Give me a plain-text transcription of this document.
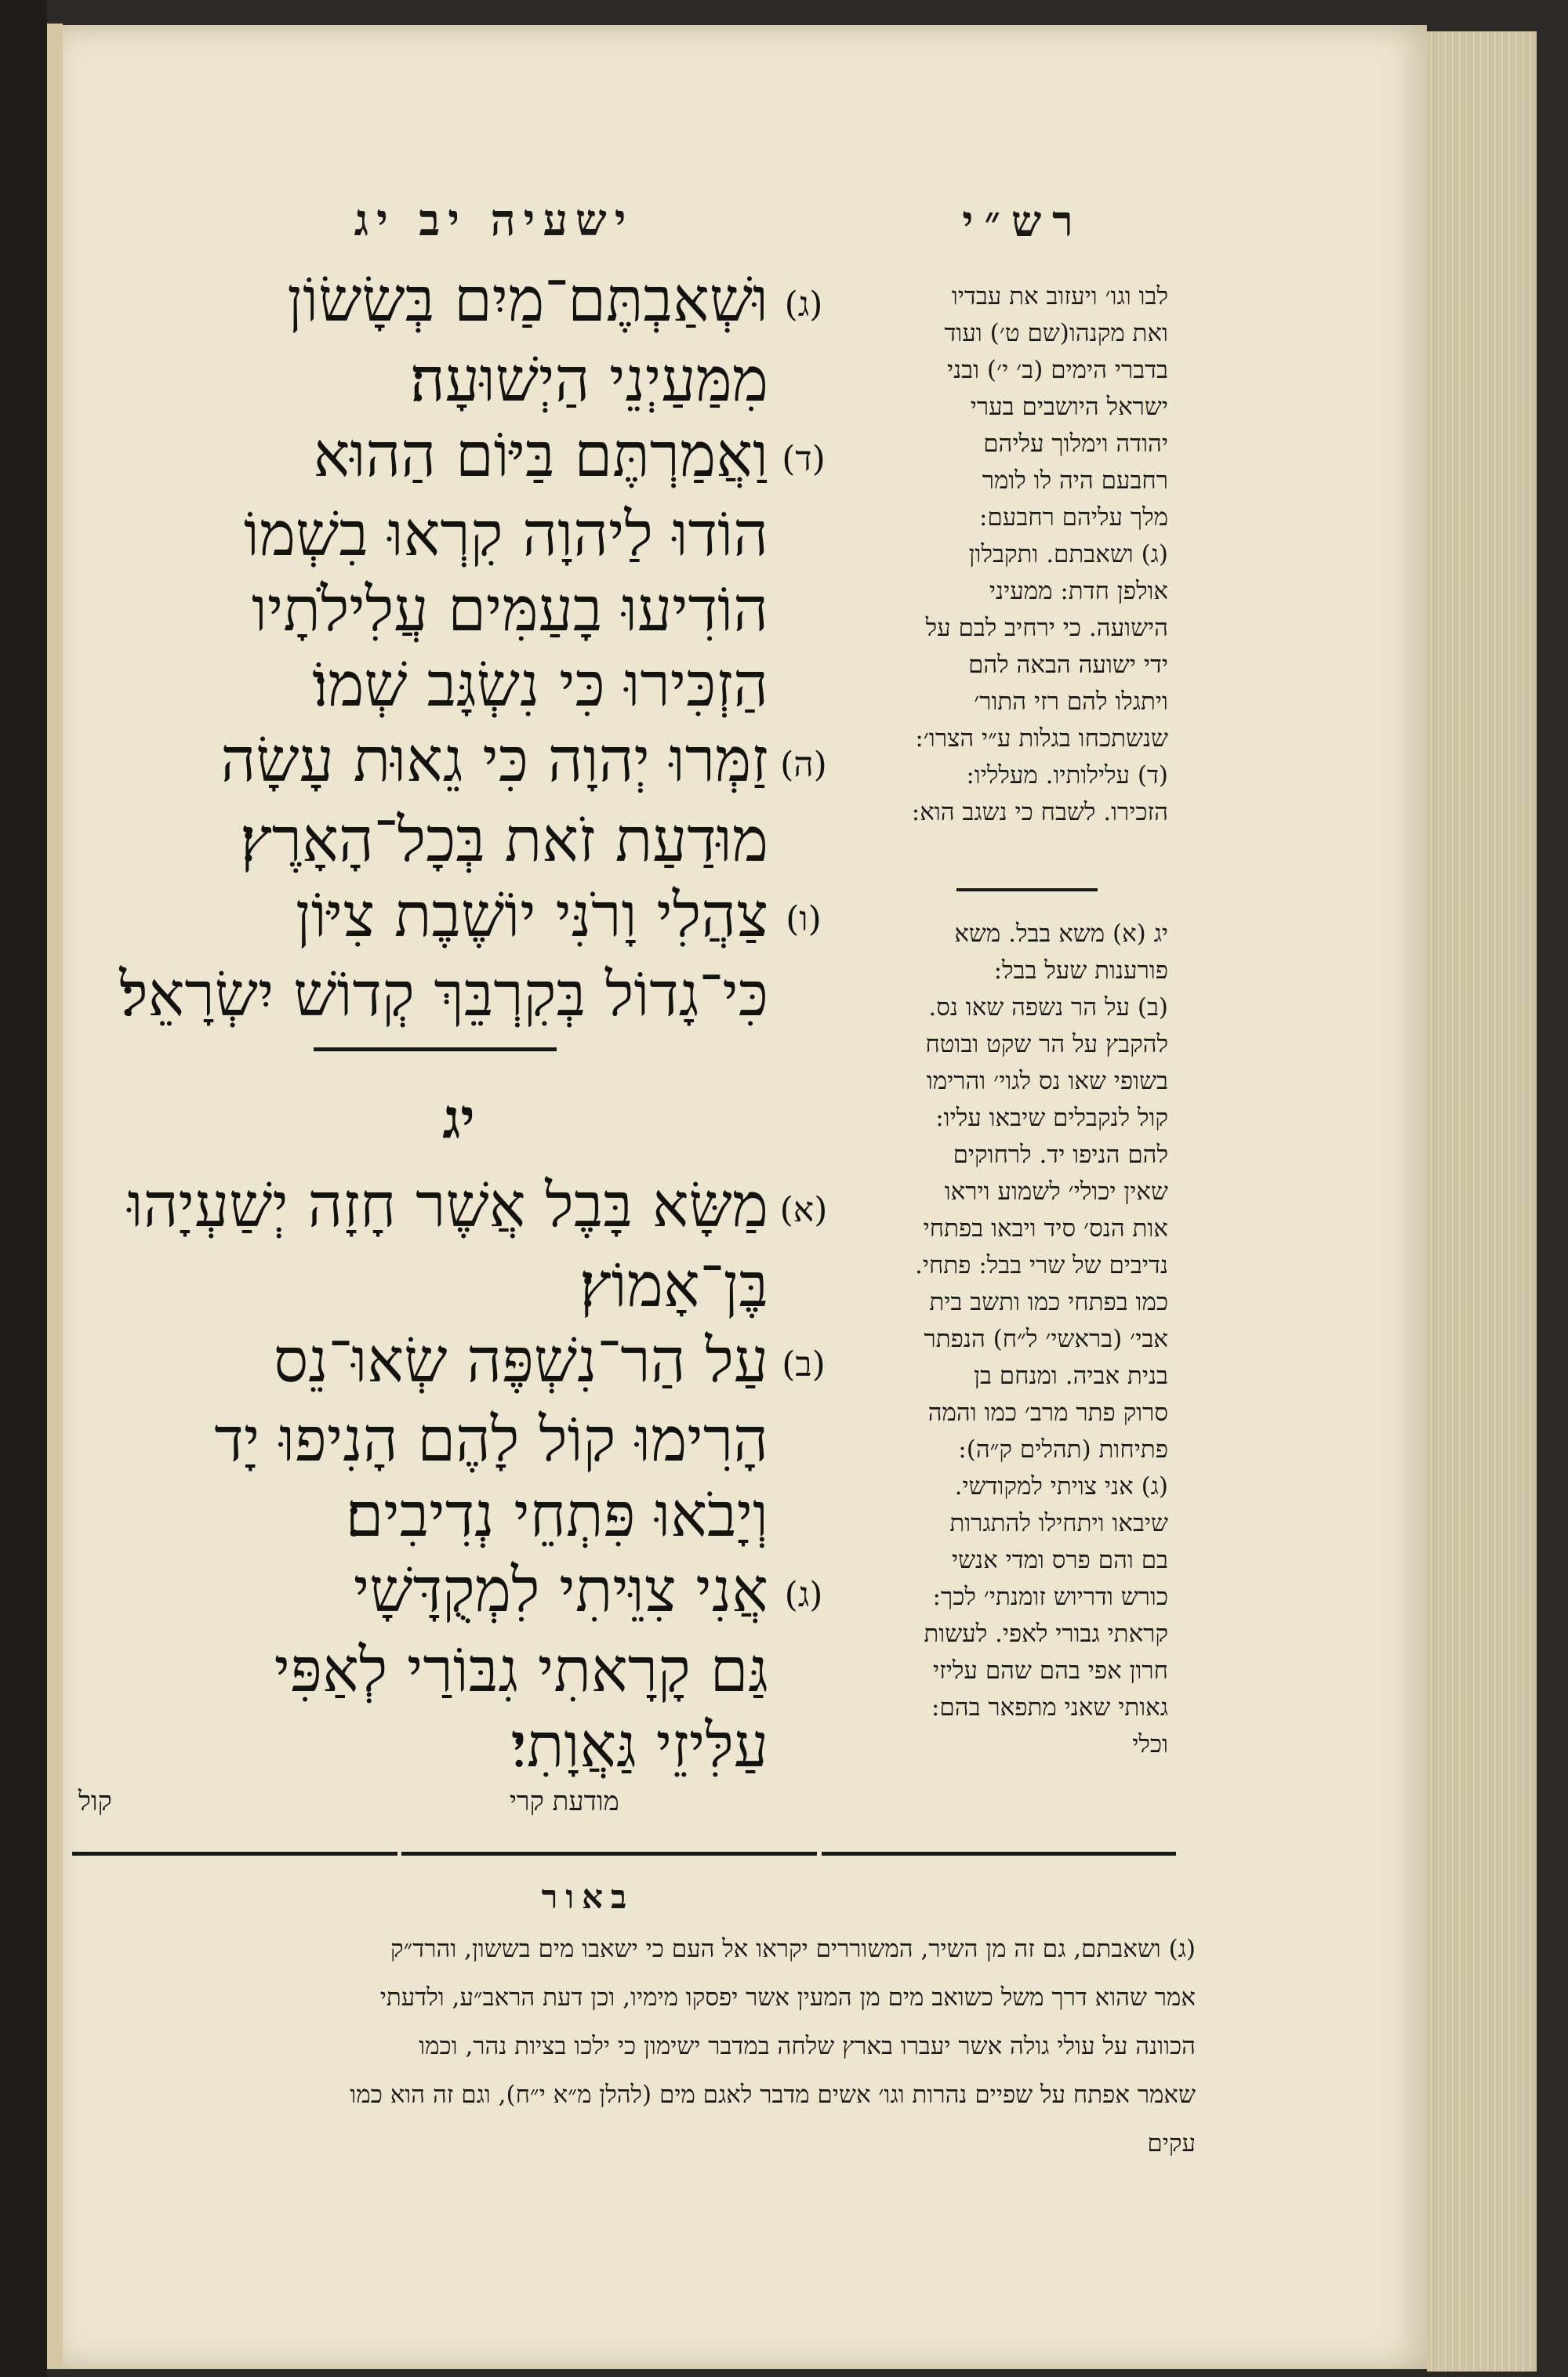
רש״י
ישעיה יב יג
(ג)וּשְׁאַבְתֶּם־מַיִם בְּשָׂשׂוֹן
מִמַּעַיְנֵי הַיְשׁוּעָה׃
(ד)וַאֲמַרְתֶּם בַּיּוֹם הַהוּא
הוֹדוּ לַיהוָה קִרְאוּ בִשְׁמוֹ
הוֹדִיעוּ בָעַמִּים עֲלִילֹתָיו
הַזְכִּירוּ כִּי נִשְׂגָּב שְׁמוֹ׃
(ה)זַמְּרוּ יְהוָה כִּי גֵאוּת עָשָׂה
מוּדַעַת זֹאת בְּכָל־הָאָרֶץ׃
(ו)צַהֲלִי וָרֹנִּי יוֹשֶׁבֶת צִיּוֹן
כִּי־גָדוֹל בְּקִרְבֵּךְ קְדוֹשׁ יִשְׂרָאֵל׃
יג
(א)מַשָּׂא בָּבֶל אֲשֶׁר חָזָה יְשַׁעְיָהוּ
בֶּן־אָמוֹץ׃
(ב)עַל הַר־נִשְׁפֶּה שְׂאוּ־נֵס
הָרִימוּ קוֹל לָהֶם הָנִיפוּ יָד
וְיָבֹאוּ פִּתְחֵי נְדִיבִים׃
(ג)אֲנִי צִוֵּיתִי לִמְקֻדָּשָׁי
גַּם קָרָאתִי גִבּוֹרַי לְאַפִּי
עַלִּיזֵי גַּאֲוָתִי׃
לבו וגו׳ ויעזוב את עבדיו
ואת מקנהו(שם ט׳) ועוד
בדברי הימים (ב׳ י׳) ובני
ישראל היושבים בערי
יהודה וימלוך עליהם
רחבעם היה לו לומר
מלך עליהם רחבעם:
(ג) ושאבתם. ותקבלון
אולפן חדת: ממעיני
הישועה. כי ירחיב לבם על
ידי ישועה הבאה להם
ויתגלו להם רזי התור׳
שנשתכחו בגלות ע״י הצרו׳:
(ד) עלילותיו. מעלליו:
הזכירו. לשבח כי נשגב הוא:
יג (א) משא בבל. משא
פורענות שעל בבל:
(ב) על הר נשפה שאו נס.
להקבץ על הר שקט ובוטח
בשופי שאו נס לגוי׳ והרימו
קול לנקבלים שיבאו עליו:
להם הניפו יד. לרחוקים
שאין יכולי׳ לשמוע ויראו
אות הנס׳ סיד ויבאו בפתחי
נדיבים של שרי בבל: פתחי.
כמו בפתחי כמו ותשב בית
אבי׳ (בראשי׳ ל״ח) הנפתר
בנית אביה. ומנחם בן
סרוק פתר מרב׳ כמו והמה
פתיחות (תהלים ק״ה):
(ג) אני צויתי למקודשי.
שיבאו ויתחילו להתגרות
בם והם פרס ומדי אנשי
כורש ודריוש זומנתי׳ לכך:
קראתי גבורי לאפי. לעשות
חרון אפי בהם שהם עליזי
גאותי שאני מתפאר בהם:
וכלי
קול	מודעת קרי
באור
(ג) ושאבתם, גם זה מן השיר, המשוררים יקראו אל העם כי ישאבו מים בששון, והרד״ק
אמר שהוא דרך משל כשואב מים מן המעין אשר יפסקו מימיו, וכן דעת הראב״ע, ולדעתי
הכוונה על עולי גולה אשר יעברו בארץ שלחה במדבר ישימון כי ילכו בציות נהר, וכמו
שאמר אפתח על שפיים נהרות וגו׳ אשים מדבר לאגם מים (להלן מ״א י״ח), וגם זה הוא כמו
עקים
